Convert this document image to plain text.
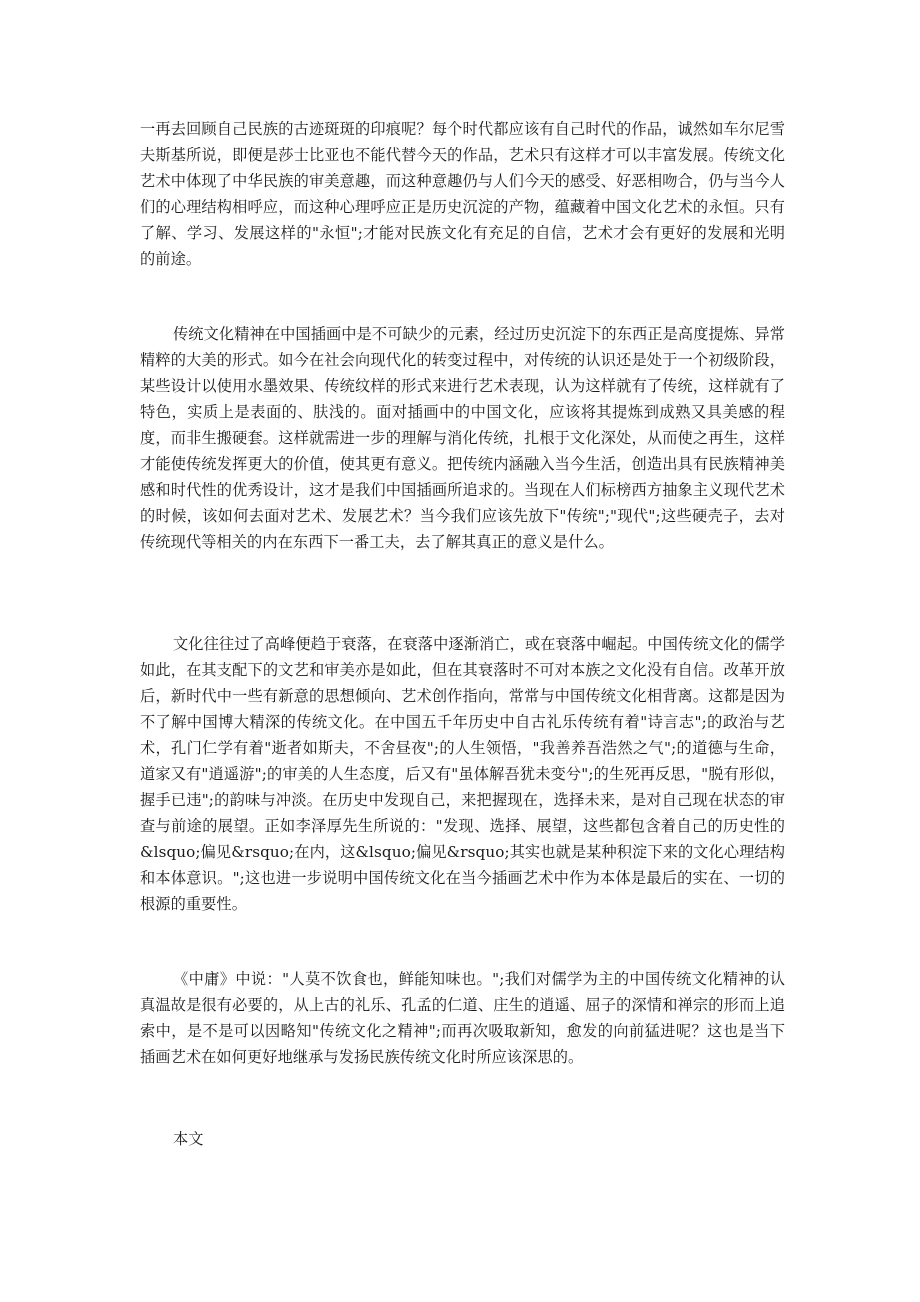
一再去回顾自己民族的古迹斑斑的印痕呢？每个时代都应该有自己时代的作品，诚然如车尔尼雪夫斯基所说，即便是莎士比亚也不能代替今天的作品，艺术只有这样才可以丰富发展。传统文化艺术中体现了中华民族的审美意趣，而这种意趣仍与人们今天的感受、好恶相吻合，仍与当今人们的心理结构相呼应，而这种心理呼应正是历史沉淀的产物，蕴藏着中国文化艺术的永恒。只有了解、学习、发展这样的"永恒";才能对民族文化有充足的自信，艺术才会有更好的发展和光明的前途。

传统文化精神在中国插画中是不可缺少的元素，经过历史沉淀下的东西正是高度提炼、异常精粹的大美的形式。如今在社会向现代化的转变过程中，对传统的认识还是处于一个初级阶段，某些设计以使用水墨效果、传统纹样的形式来进行艺术表现，认为这样就有了传统，这样就有了特色，实质上是表面的、肤浅的。面对插画中的中国文化，应该将其提炼到成熟又具美感的程度，而非生搬硬套。这样就需进一步的理解与消化传统，扎根于文化深处，从而使之再生，这样才能使传统发挥更大的价值，使其更有意义。把传统内涵融入当今生活，创造出具有民族精神美感和时代性的优秀设计，这才是我们中国插画所追求的。当现在人们标榜西方抽象主义现代艺术的时候，该如何去面对艺术、发展艺术？当今我们应该先放下"传统";"现代";这些硬壳子，去对传统现代等相关的内在东西下一番工夫，去了解其真正的意义是什么。

文化往往过了高峰便趋于衰落，在衰落中逐渐消亡，或在衰落中崛起。中国传统文化的儒学如此，在其支配下的文艺和审美亦是如此，但在其衰落时不可对本族之文化没有自信。改革开放后，新时代中一些有新意的思想倾向、艺术创作指向，常常与中国传统文化相背离。这都是因为不了解中国博大精深的传统文化。在中国五千年历史中自古礼乐传统有着"诗言志";的政治与艺术，孔门仁学有着"逝者如斯夫，不舍昼夜";的人生领悟，"我善养吾浩然之气";的道德与生命，道家又有"逍遥游";的审美的人生态度，后又有"虽体解吾犹未变兮";的生死再反思，"脱有形似，握手已违";的韵味与冲淡。在历史中发现自己，来把握现在，选择未来，是对自己现在状态的审查与前途的展望。正如李泽厚先生所说的："发现、选择、展望，这些都包含着自己的历史性的&lsquo;偏见&rsquo;在内，这&lsquo;偏见&rsquo;其实也就是某种积淀下来的文化心理结构和本体意识。";这也进一步说明中国传统文化在当今插画艺术中作为本体是最后的实在、一切的根源的重要性。

《中庸》中说："人莫不饮食也，鲜能知味也。";我们对儒学为主的中国传统文化精神的认真温故是很有必要的，从上古的礼乐、孔孟的仁道、庄生的逍遥、屈子的深情和禅宗的形而上追索中，是不是可以因略知"传统文化之精神";而再次吸取新知，愈发的向前猛进呢？这也是当下插画艺术在如何更好地继承与发扬民族传统文化时所应该深思的。

本文
